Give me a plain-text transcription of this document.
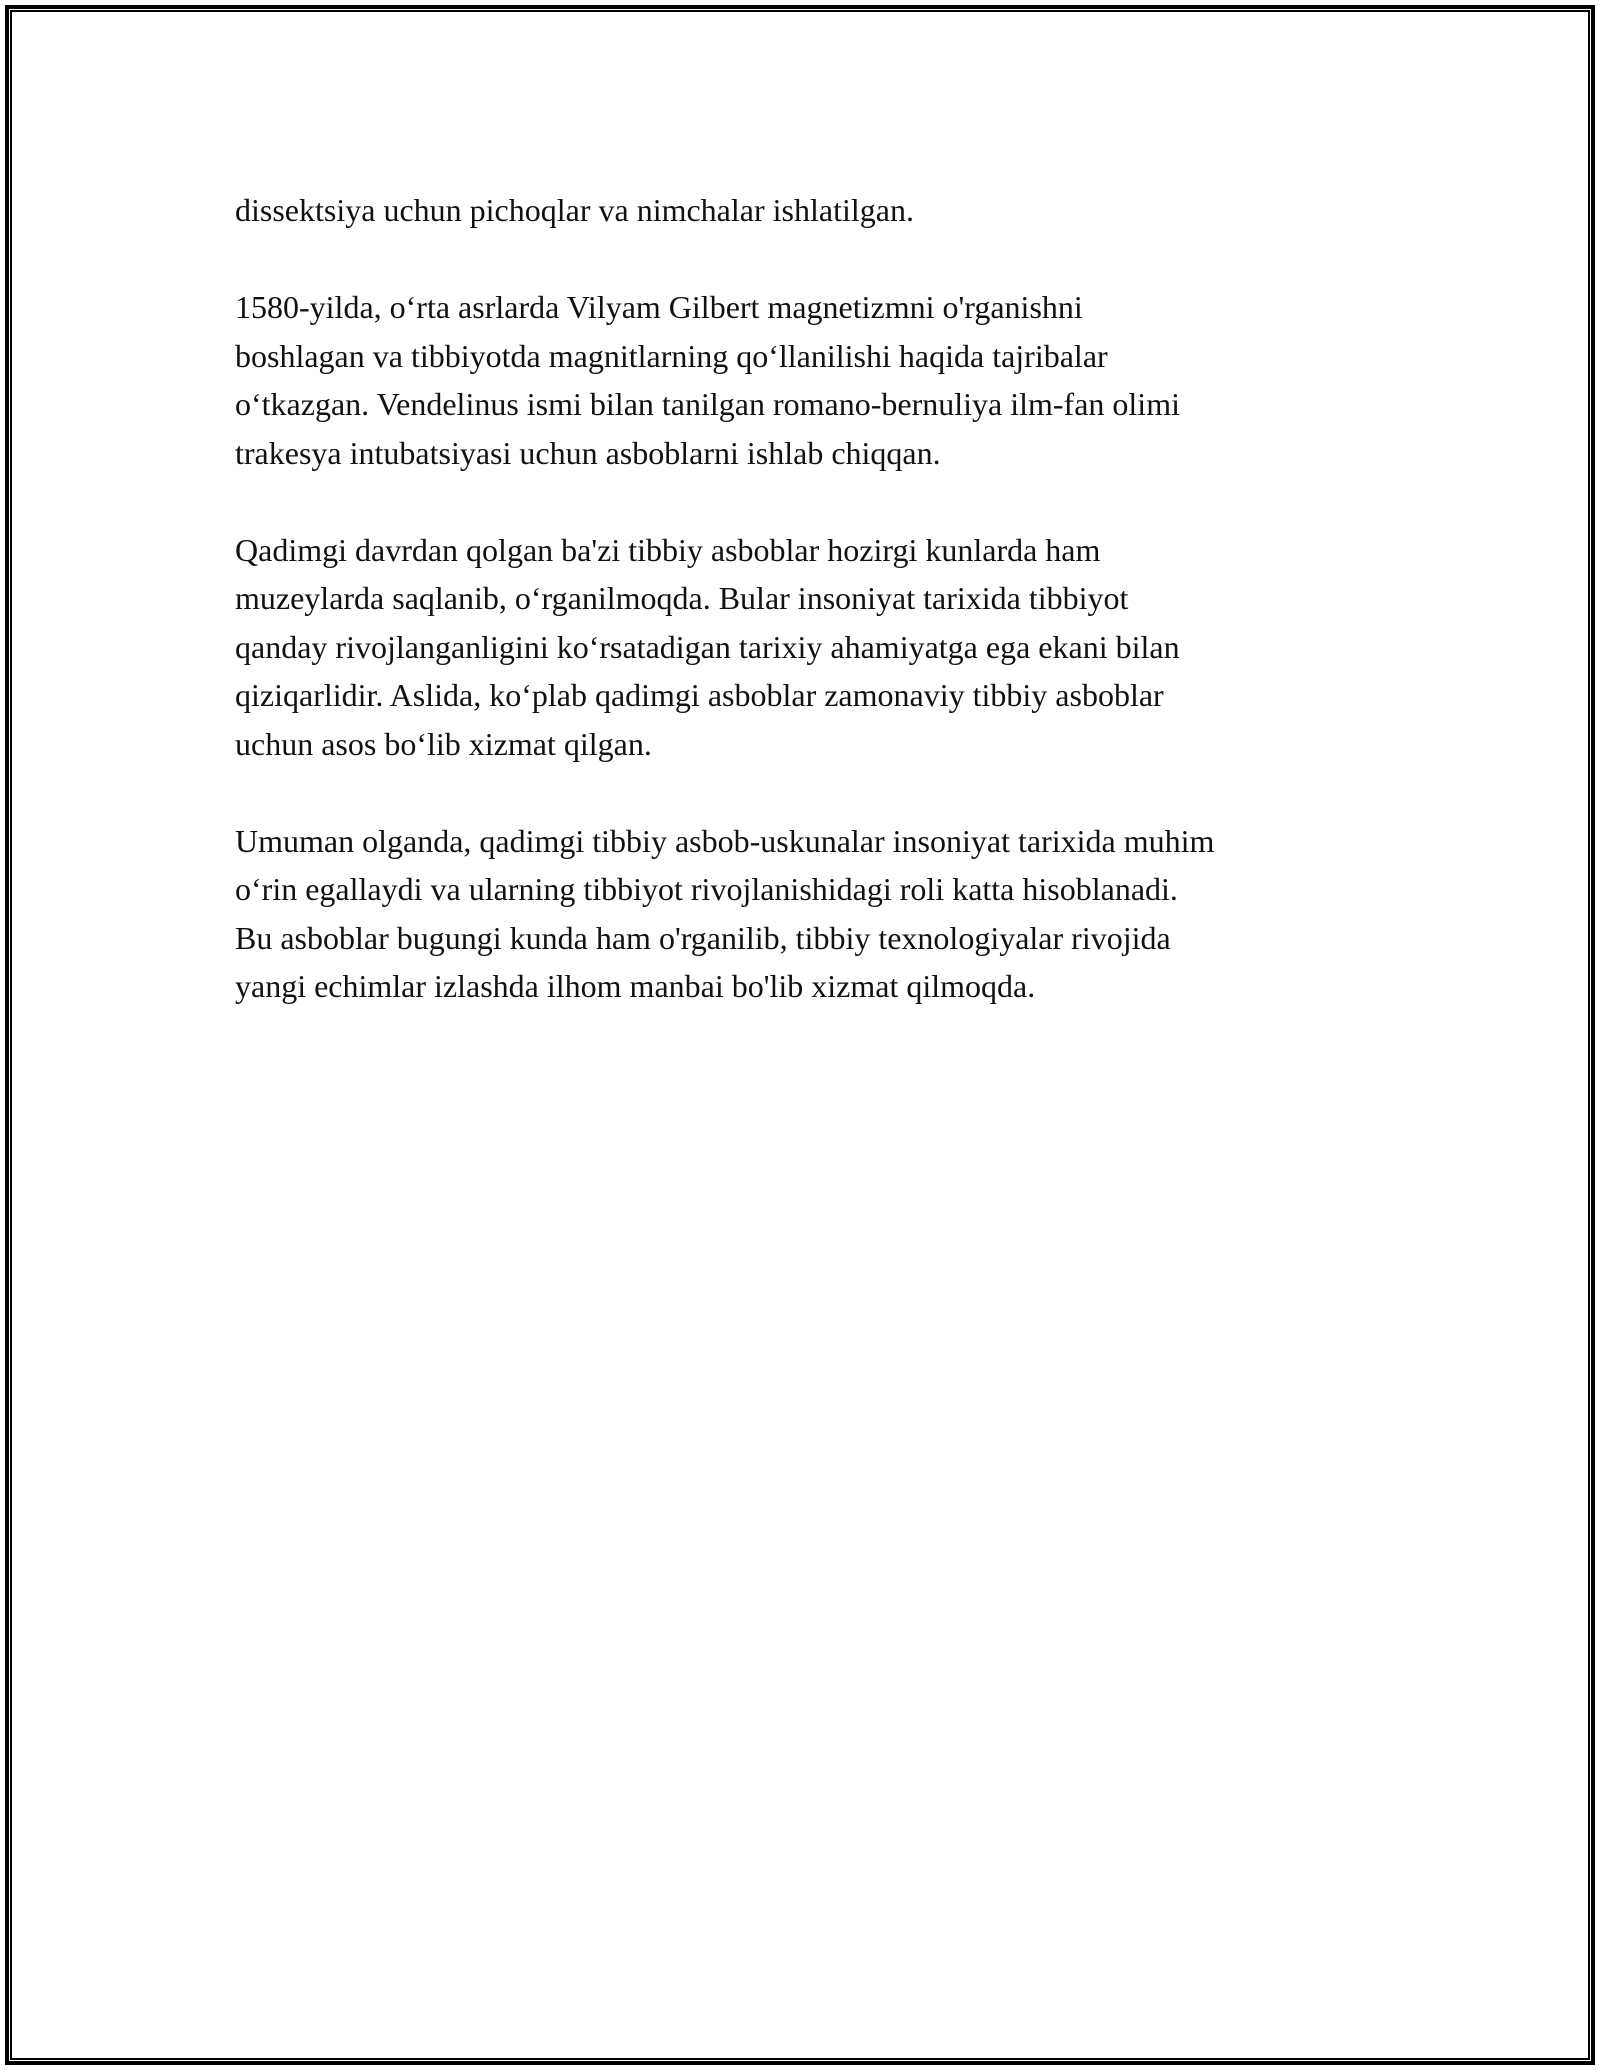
dissektsiya uchun pichoqlar va nimchalar ishlatilgan.

1580-yilda, o‘rta asrlarda Vilyam Gilbert magnetizmni o'rganishni
boshlagan va tibbiyotda magnitlarning qo‘llanilishi haqida tajribalar
o‘tkazgan. Vendelinus ismi bilan tanilgan romano-bernuliya ilm-fan olimi
trakesya intubatsiyasi uchun asboblarni ishlab chiqqan.

Qadimgi davrdan qolgan ba'zi tibbiy asboblar hozirgi kunlarda ham
muzeylarda saqlanib, o‘rganilmoqda. Bular insoniyat tarixida tibbiyot
qanday rivojlanganligini ko‘rsatadigan tarixiy ahamiyatga ega ekani bilan
qiziqarlidir. Aslida, ko‘plab qadimgi asboblar zamonaviy tibbiy asboblar
uchun asos bo‘lib xizmat qilgan.

Umuman olganda, qadimgi tibbiy asbob-uskunalar insoniyat tarixida muhim
o‘rin egallaydi va ularning tibbiyot rivojlanishidagi roli katta hisoblanadi.
Bu asboblar bugungi kunda ham o'rganilib, tibbiy texnologiyalar rivojida
yangi echimlar izlashda ilhom manbai bo'lib xizmat qilmoqda.
